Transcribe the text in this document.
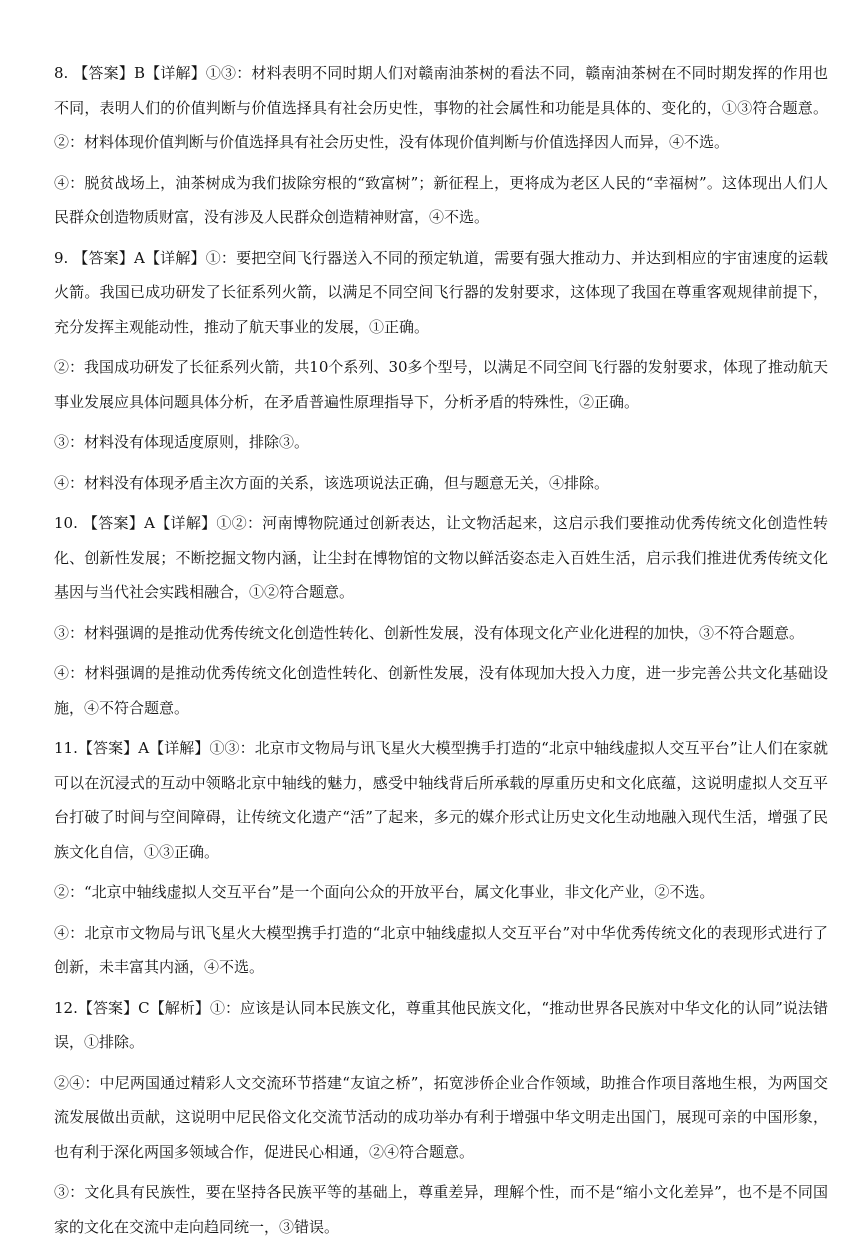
8. 【答案】B【详解】①③：材料表明不同时期人们对赣南油茶树的看法不同，赣南油茶树在不同时期发挥的作用也不同，表明人们的价值判断与价值选择具有社会历史性，事物的社会属性和功能是具体的、变化的，①③符合题意。②：材料体现价值判断与价值选择具有社会历史性，没有体现价值判断与价值选择因人而异，④不选。

④：脱贫战场上，油茶树成为我们拔除穷根的“致富树”；新征程上，更将成为老区人民的“幸福树”。这体现出人们人民群众创造物质财富，没有涉及人民群众创造精神财富，④不选。

9. 【答案】A【详解】①：要把空间飞行器送入不同的预定轨道，需要有强大推动力、并达到相应的宇宙速度的运载火箭。我国已成功研发了长征系列火箭，以满足不同空间飞行器的发射要求，这体现了我国在尊重客观规律前提下，充分发挥主观能动性，推动了航天事业的发展，①正确。

②：我国成功研发了长征系列火箭，共10个系列、30多个型号，以满足不同空间飞行器的发射要求，体现了推动航天事业发展应具体问题具体分析，在矛盾普遍性原理指导下，分析矛盾的特殊性，②正确。

③：材料没有体现适度原则，排除③。

④：材料没有体现矛盾主次方面的关系，该选项说法正确，但与题意无关，④排除。

10. 【答案】A【详解】①②：河南博物院通过创新表达，让文物活起来，这启示我们要推动优秀传统文化创造性转化、创新性发展；不断挖掘文物内涵，让尘封在博物馆的文物以鲜活姿态走入百姓生活，启示我们推进优秀传统文化基因与当代社会实践相融合，①②符合题意。

③：材料强调的是推动优秀传统文化创造性转化、创新性发展，没有体现文化产业化进程的加快，③不符合题意。

④：材料强调的是推动优秀传统文化创造性转化、创新性发展，没有体现加大投入力度，进一步完善公共文化基础设施，④不符合题意。

11.【答案】A【详解】①③：北京市文物局与讯飞星火大模型携手打造的“北京中轴线虚拟人交互平台”让人们在家就可以在沉浸式的互动中领略北京中轴线的魅力，感受中轴线背后所承载的厚重历史和文化底蕴，这说明虚拟人交互平台打破了时间与空间障碍，让传统文化遗产“活”了起来，多元的媒介形式让历史文化生动地融入现代生活，增强了民族文化自信，①③正确。

②：“北京中轴线虚拟人交互平台”是一个面向公众的开放平台，属文化事业，非文化产业，②不选。

④：北京市文物局与讯飞星火大模型携手打造的“北京中轴线虚拟人交互平台”对中华优秀传统文化的表现形式进行了创新，未丰富其内涵，④不选。

12.【答案】C【解析】①：应该是认同本民族文化，尊重其他民族文化，“推动世界各民族对中华文化的认同”说法错误，①排除。

②④：中尼两国通过精彩人文交流环节搭建“友谊之桥”，拓宽涉侨企业合作领域，助推合作项目落地生根，为两国交流发展做出贡献，这说明中尼民俗文化交流节活动的成功举办有利于增强中华文明走出国门，展现可亲的中国形象，也有利于深化两国多领域合作，促进民心相通，②④符合题意。

③：文化具有民族性，要在坚持各民族平等的基础上，尊重差异，理解个性，而不是“缩小文化差异”，也不是不同国家的文化在交流中走向趋同统一，③错误。
